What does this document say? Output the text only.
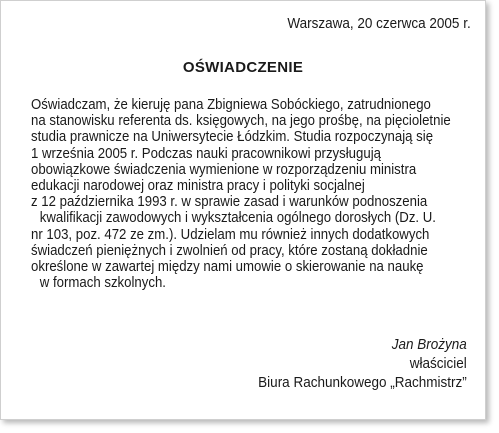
Warszawa, 20 czerwca 2005 r.
OŚWIADCZENIE
Oświadczam, że kieruję pana Zbigniewa Sobóckiego, zatrudnionego
na stanowisku referenta ds. księgowych, na jego prośbę, na pięcioletnie
studia prawnicze na Uniwersytecie Łódzkim. Studia rozpoczynają się
1 września 2005 r. Podczas nauki pracownikowi przysługują
obowiązkowe świadczenia wymienione w rozporządzeniu ministra
edukacji narodowej oraz ministra pracy i polityki socjalnej
z 12 października 1993 r. w sprawie zasad i warunków podnoszenia
kwalifikacji zawodowych i wykształcenia ogólnego dorosłych (Dz. U.
nr 103, poz. 472 ze zm.). Udzielam mu również innych dodatkowych
świadczeń pieniężnych i zwolnień od pracy, które zostaną dokładnie
określone w zawartej między nami umowie o skierowanie na naukę
w formach szkolnych.
Jan Brożyna
właściciel
Biura Rachunkowego „Rachmistrz”
